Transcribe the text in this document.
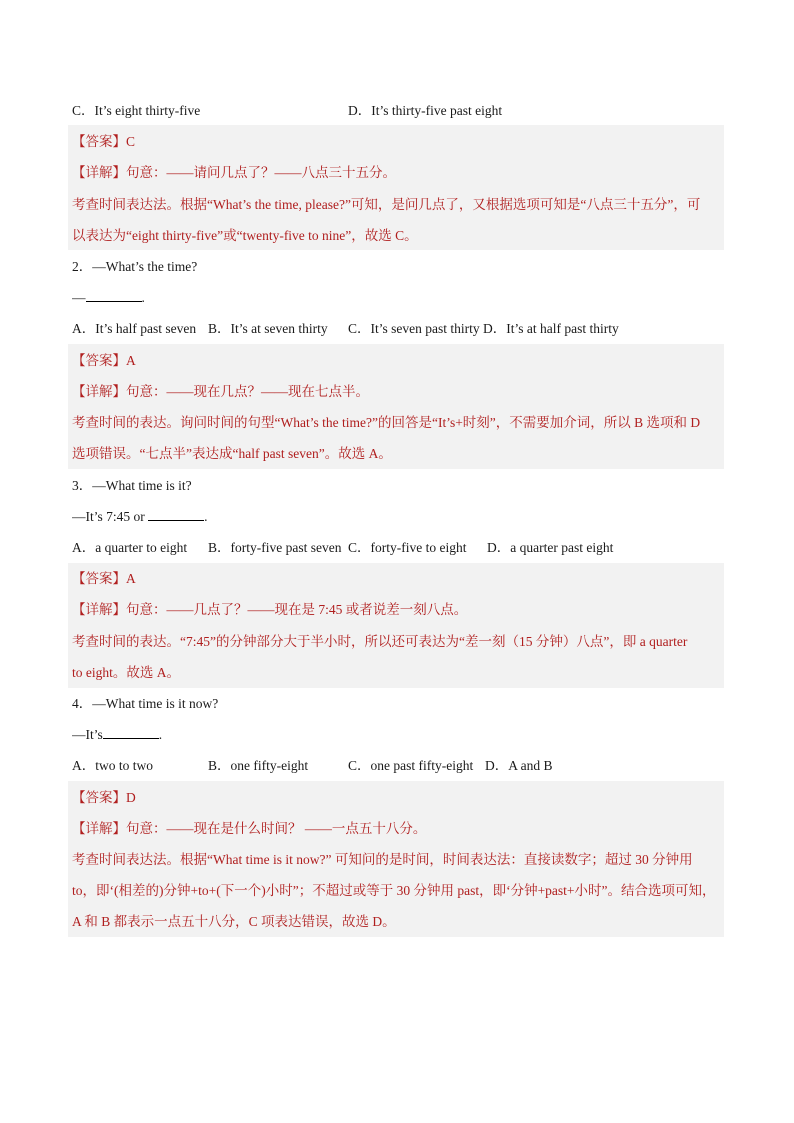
C．It’s eight thirty-five	D．It’s thirty-five past eight
【答案】C
【详解】句意：——请问几点了？——八点三十五分。
考查时间表达法。根据“What’s the time, please?”可知，是问几点了，又根据选项可知是“八点三十五分”，可
以表达为“eight thirty-five”或“twenty-five to nine”，故选 C。
2．—What’s the time?
—	.
A．It’s half past seven B．It’s at seven thirty C．It’s seven past thirty D．It’s at half past thirty
【答案】A
【详解】句意：——现在几点？——现在七点半。
考查时间的表达。询问时间的句型“What’s the time?”的回答是“It’s+时刻”，不需要加介词，所以 B 选项和 D
选项错误。“七点半”表达成“half past seven”。故选 A。
3．—What time is it?
—It’s 7:45 or	.
A．a quarter to eight B．forty-five past seven C．forty-five to eight D．a quarter past eight
【答案】A
【详解】句意：——几点了？——现在是 7:45 或者说差一刻八点。
考查时间的表达。“7:45”的分钟部分大于半小时，所以还可表达为“差一刻（15 分钟）八点”，即 a quarter
to eight。故选 A。
4．—What time is it now?
—It’s	.
A．two to two	B．one fifty-eight	C．one past fifty-eight D．A and B
【答案】D
【详解】句意：——现在是什么时间？ ——一点五十八分。
考查时间表达法。根据“What time is it now?” 可知问的是时间，时间表达法：直接读数字；超过 30 分钟用
to，即‘(相差的)分钟+to+(下一个)小时”；不超过或等于 30 分钟用 past，即‘分钟+past+小时”。结合选项可知，
A 和 B 都表示一点五十八分，C 项表达错误，故选 D。
